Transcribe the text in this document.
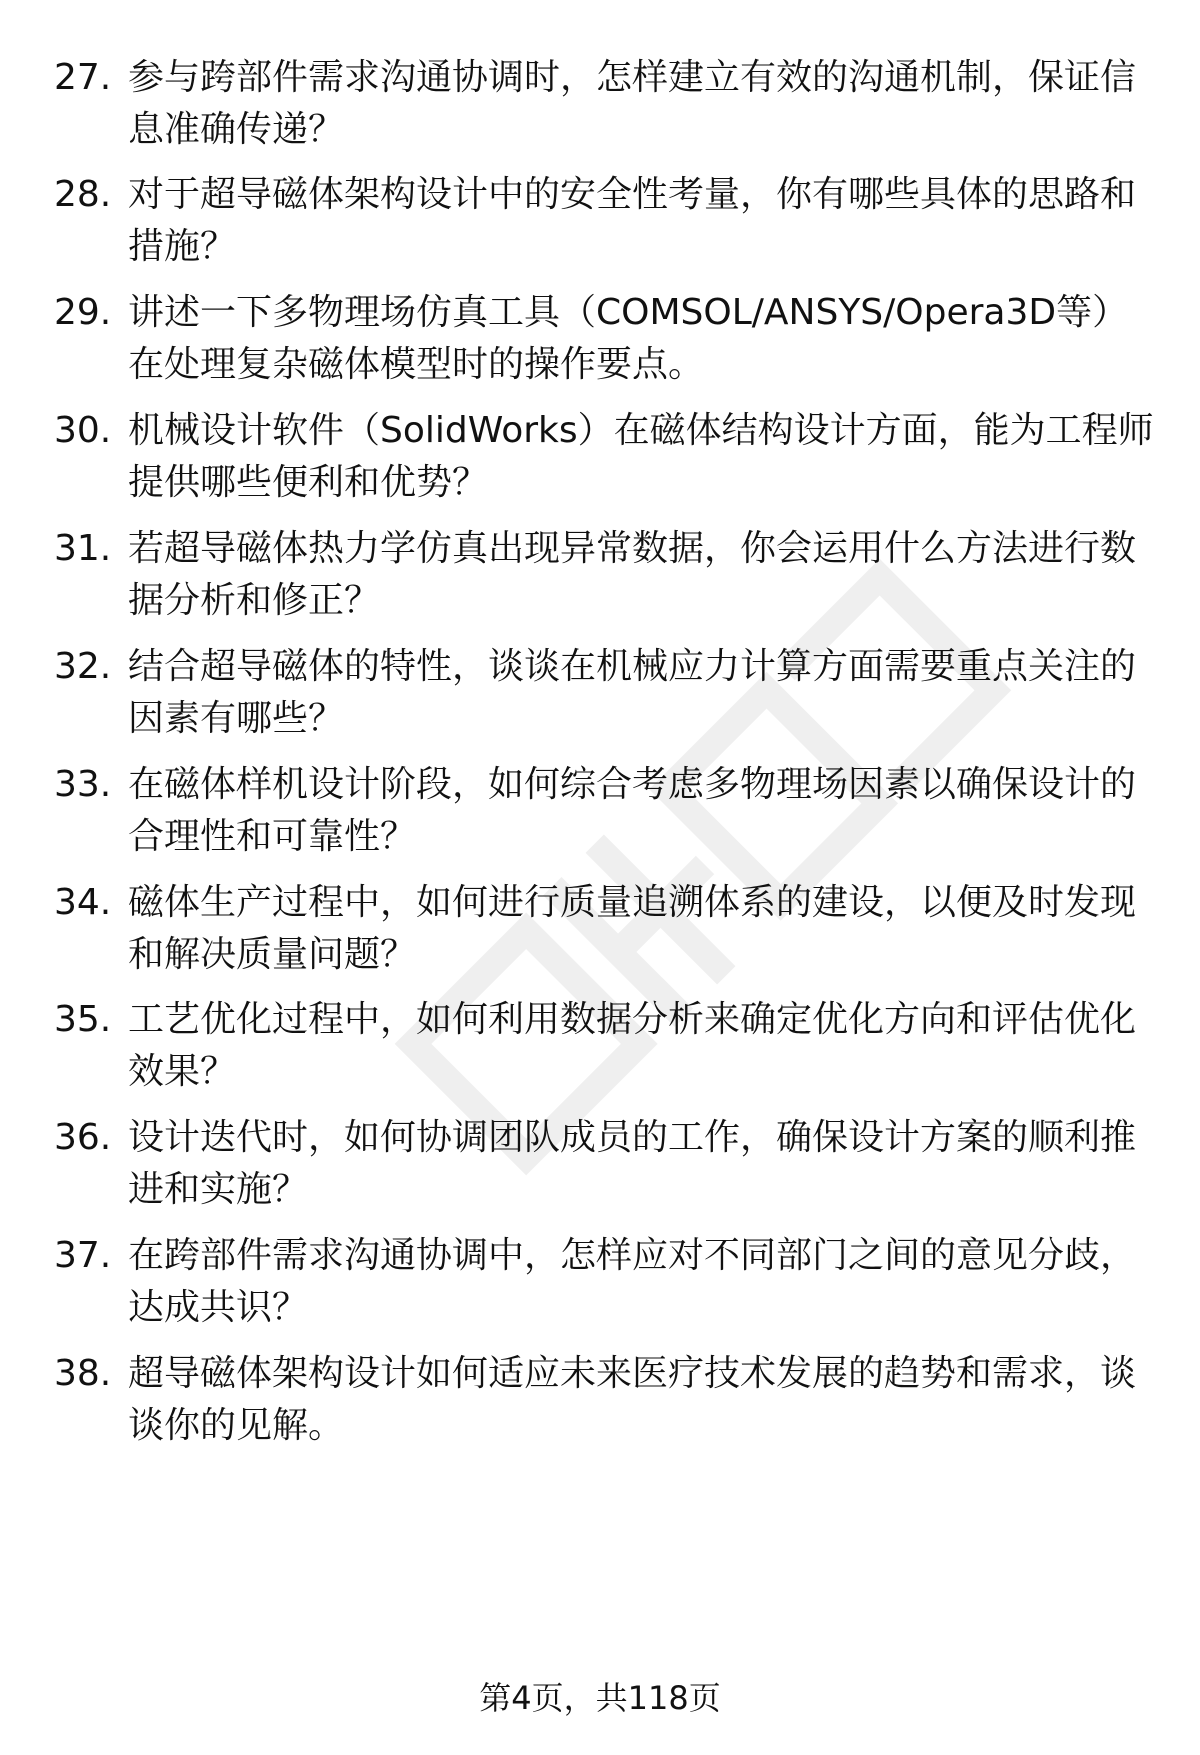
27. 参与跨部件需求沟通协调时，怎样建立有效的沟通机制，保证信
息准确传递？
28. 对于超导磁体架构设计中的安全性考量，你有哪些具体的思路和
措施？
29. 讲述一下多物理场仿真工具（COMSOL/ANSYS/Opera3D等）
在处理复杂磁体模型时的操作要点。
30. 机械设计软件（SolidWorks）在磁体结构设计方面，能为工程师
提供哪些便利和优势？
31. 若超导磁体热力学仿真出现异常数据，你会运用什么方法进行数
据分析和修正？
32. 结合超导磁体的特性，谈谈在机械应力计算方面需要重点关注的
因素有哪些？
33. 在磁体样机设计阶段，如何综合考虑多物理场因素以确保设计的
合理性和可靠性？
34. 磁体生产过程中，如何进行质量追溯体系的建设，以便及时发现
和解决质量问题？
35. 工艺优化过程中，如何利用数据分析来确定优化方向和评估优化
效果？
36. 设计迭代时，如何协调团队成员的工作，确保设计方案的顺利推
进和实施？
37. 在跨部件需求沟通协调中，怎样应对不同部门之间的意见分歧，
达成共识？
38. 超导磁体架构设计如何适应未来医疗技术发展的趋势和需求，谈
谈你的见解。
第4页，共118页
